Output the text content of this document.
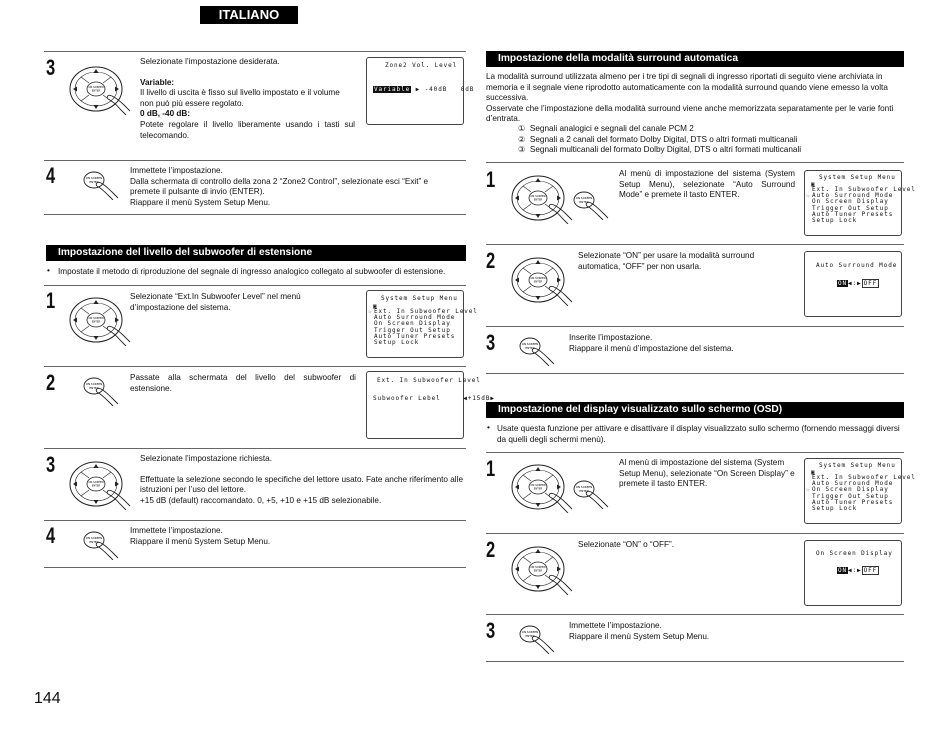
ITALIANO
3	Selezionate l’impostazione desiderata.
Variable:
Il livello di uscita è fisso sul livello impostato e il volume non può più essere regolato.
0 dB, -40 dB:
Potete regolare il livello liberamente usando i tasti sul telecomando.
Zone2 Vol. Level
Variable ▶ -40dB 0dB
4	Immettete l’impostazione.
Dalla schermata di controllo della zona 2 “Zone2 Control”, selezionate esci “Exit” e premete il pulsante di invio (ENTER).
Riappare il menù System Setup Menu.
Impostazione del livello del subwoofer di estensione
• Impostate il metodo di riproduzione del segnale di ingresso analogico collegato al subwoofer di estensione.
1	Selezionate “Ext.In Subwoofer Level” nel menù d’impostazione del sistema.
System Setup Menu
▣
☞ Ext. In Subwoofer Level
Auto Surround Mode
On Screen Display
Trigger Out Setup
Auto Tuner Presets
Setup Lock
2	Passate alla schermata del livello del subwoofer di estensione.
Ext. In Subwoofer Level
Subwoofer Lebel     ◀+15dB▶
3	Selezionate l’impostazione richiesta.
Effettuate la selezione secondo le specifiche del lettore usato. Fate anche riferimento alle istruzioni per l’uso del lettore.
+15 dB (default) raccomandato. 0, +5, +10 e +15 dB selezionabile.
4	Immettete l’impostazione.
Riappare il menù System Setup Menu.
Impostazione della modalità surround automatica
La modalità surround utilizzata almeno per i tre tipi di segnali di ingresso riportati di seguito viene archiviata in memoria e il segnale viene riprodotto automaticamente con la modalità surround quando viene emesso la volta successiva.
Osservate che l’impostazione della modalità surround viene anche memorizzata separatamente per le varie fonti d’entrata.
① Segnali analogici e segnali del canale PCM 2
② Segnali a 2 canali del formato Dolby Digital, DTS o altri formati multicanali
③ Segnali multicanali del formato Dolby Digital, DTS o altri formati multicanali
1	Al menù di impostazione del sistema (System Setup Menu), selezionate “Auto Surround Mode” e premete il tasto ENTER.
System Setup Menu
▣
☞
Ext. In Subwoofer Level
Auto Surround Mode
On Screen Display
Trigger Out Setup
Auto Tuner Presets
Setup Lock
2	Selezionate “ON” per usare la modalità surround automatica, “OFF” per non usarla.	Auto Surround Mode
ON◀:▶ OFF
3	Inserite l’impostazione.
Riappare il menù d’impostazione del sistema.
Impostazione del display visualizzato sullo schermo (OSD)
• Usate questa funzione per attivare e disattivare il display visualizzato sullo schermo (fornendo messaggi diversi da quelli degli schermi menù).
1	Al menù di impostazione del sistema (System Setup Menu), selezionate “On Screen Display” e premete il tasto ENTER.
System Setup Menu
▣
☞
Ext. In Subwoofer Level
Auto Surround Mode
On Screen Display
Trigger Out Setup
Auto Tuner Presets
Setup Lock
2	Selezionate “ON” o “OFF”.
On Screen Display
ON◀:▶ OFF
3	Immettete l’impostazione.
Riappare il menù System Setup Menu.
144
